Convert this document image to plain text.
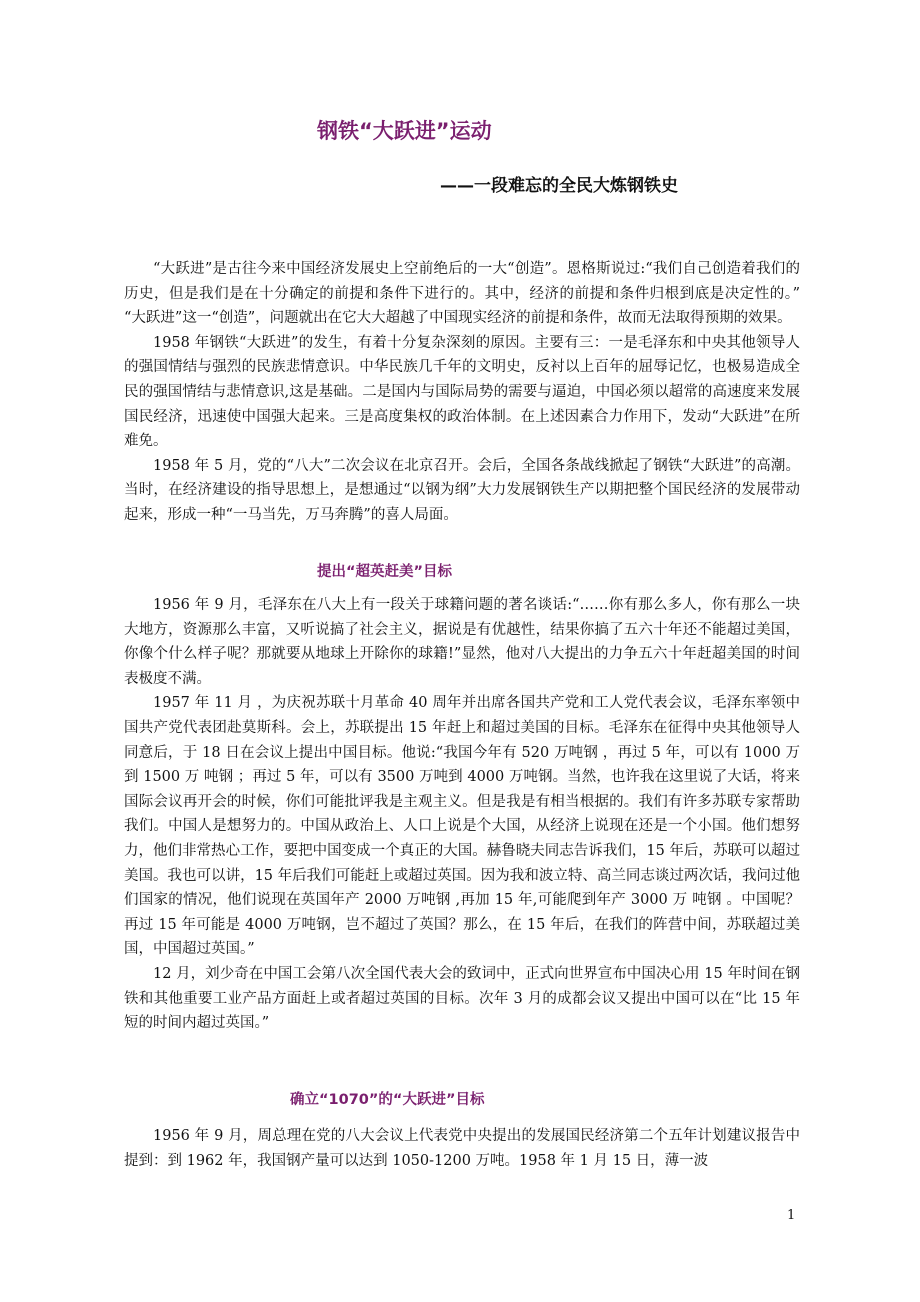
钢铁“大跃进”运动
——一段难忘的全民大炼钢铁史

“大跃进”是古往今来中国经济发展史上空前绝后的一大“创造”。恩格斯说过:“我们自己创造着我们的历史，但是我们是在十分确定的前提和条件下进行的。其中，经济的前提和条件归根到底是决定性的。” “大跃进”这一“创造”，问题就出在它大大超越了中国现实经济的前提和条件，故而无法取得预期的效果。

1958 年钢铁“大跃进”的发生，有着十分复杂深刻的原因。主要有三：一是毛泽东和中央其他领导人的强国情结与强烈的民族悲情意识。中华民族几千年的文明史，反衬以上百年的屈辱记忆，也极易造成全民的强国情结与悲情意识,这是基础。二是国内与国际局势的需要与逼迫，中国必须以超常的高速度来发展国民经济，迅速使中国强大起来。三是高度集权的政治体制。在上述因素合力作用下，发动“大跃进”在所难免。

1958 年 5 月，党的“八大”二次会议在北京召开。会后，全国各条战线掀起了钢铁“大跃进”的高潮。当时，在经济建设的指导思想上，是想通过“以钢为纲”大力发展钢铁生产以期把整个国民经济的发展带动起来，形成一种“一马当先，万马奔腾”的喜人局面。

提出“超英赶美”目标

1956 年 9 月，毛泽东在八大上有一段关于球籍问题的著名谈话:“……你有那么多人，你有那么一块大地方，资源那么丰富，又听说搞了社会主义，据说是有优越性，结果你搞了五六十年还不能超过美国，你像个什么样子呢？那就要从地球上开除你的球籍!”显然，他对八大提出的力争五六十年赶超美国的时间表极度不满。

1957 年 11 月 ，为庆祝苏联十月革命 40 周年并出席各国共产党和工人党代表会议，毛泽东率领中国共产党代表团赴莫斯科。会上，苏联提出 15 年赶上和超过美国的目标。毛泽东在征得中央其他领导人同意后，于 18 日在会议上提出中国目标。他说:“我国今年有 520 万吨钢 ，再过 5 年，可以有 1000 万到 1500 万 吨钢 ；再过 5 年，可以有 3500 万吨到 4000 万吨钢。当然，也许我在这里说了大话，将来国际会议再开会的时候，你们可能批评我是主观主义。但是我是有相当根据的。我们有许多苏联专家帮助我们。中国人是想努力的。中国从政治上、人口上说是个大国，从经济上说现在还是一个小国。他们想努力，他们非常热心工作，要把中国变成一个真正的大国。赫鲁晓夫同志告诉我们，15 年后，苏联可以超过美国。我也可以讲，15 年后我们可能赶上或超过英国。因为我和波立特、高兰同志谈过两次话，我问过他们国家的情况，他们说现在英国年产 2000 万吨钢 ,再加 15 年,可能爬到年产 3000 万 吨钢 。中国呢？再过 15 年可能是 4000 万吨钢，岂不超过了英国？那么，在 15 年后，在我们的阵营中间，苏联超过美国，中国超过英国。”

12 月，刘少奇在中国工会第八次全国代表大会的致词中，正式向世界宣布中国决心用 15 年时间在钢铁和其他重要工业产品方面赶上或者超过英国的目标。次年 3 月的成都会议又提出中国可以在“比 15 年短的时间内超过英国。”

确立“1070”的“大跃进”目标

1956 年 9 月，周总理在党的八大会议上代表党中央提出的发展国民经济第二个五年计划建议报告中提到：到 1962 年，我国钢产量可以达到 1050-1200 万吨。1958 年 1 月 15 日，薄一波

1
